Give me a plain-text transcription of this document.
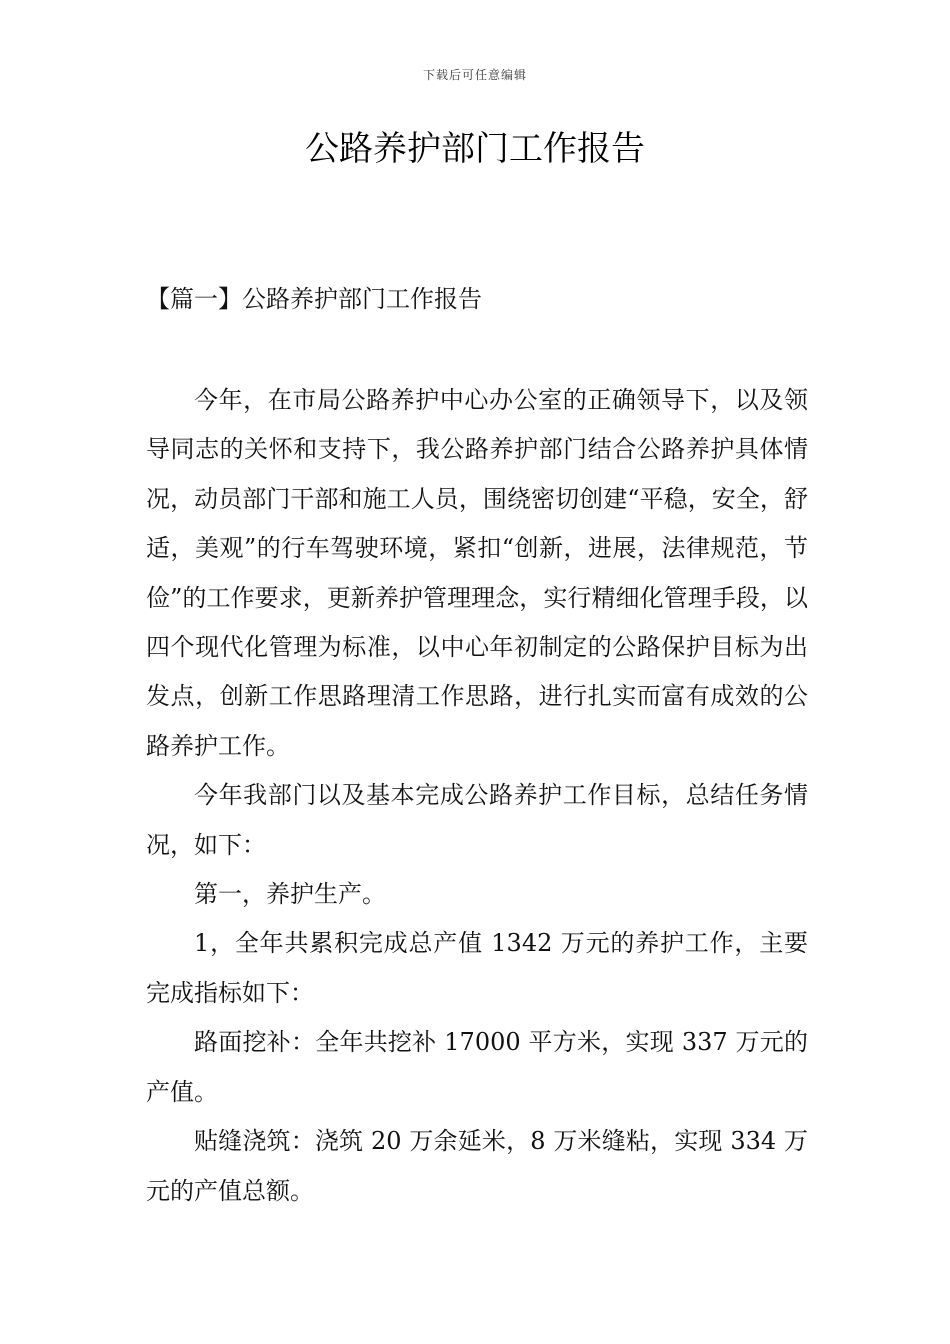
下载后可任意编辑
公路养护部门工作报告
【篇一】公路养护部门工作报告

今年，在市局公路养护中心办公室的正确领导下，以及领导同志的关怀和支持下，我公路养护部门结合公路养护具体情况，动员部门干部和施工人员，围绕密切创建“平稳，安全，舒适，美观”的行车驾驶环境，紧扣“创新，进展，法律规范，节俭”的工作要求，更新养护管理理念，实行精细化管理手段，以四个现代化管理为标准，以中心年初制定的公路保护目标为出发点，创新工作思路理清工作思路，进行扎实而富有成效的公路养护工作。

今年我部门以及基本完成公路养护工作目标，总结任务情况，如下：

第一，养护生产。

1，全年共累积完成总产值 1342 万元的养护工作，主要完成指标如下：

路面挖补：全年共挖补 17000 平方米，实现 337 万元的产值。

贴缝浇筑：浇筑 20 万余延米，8 万米缝粘，实现 334 万元的产值总额。
